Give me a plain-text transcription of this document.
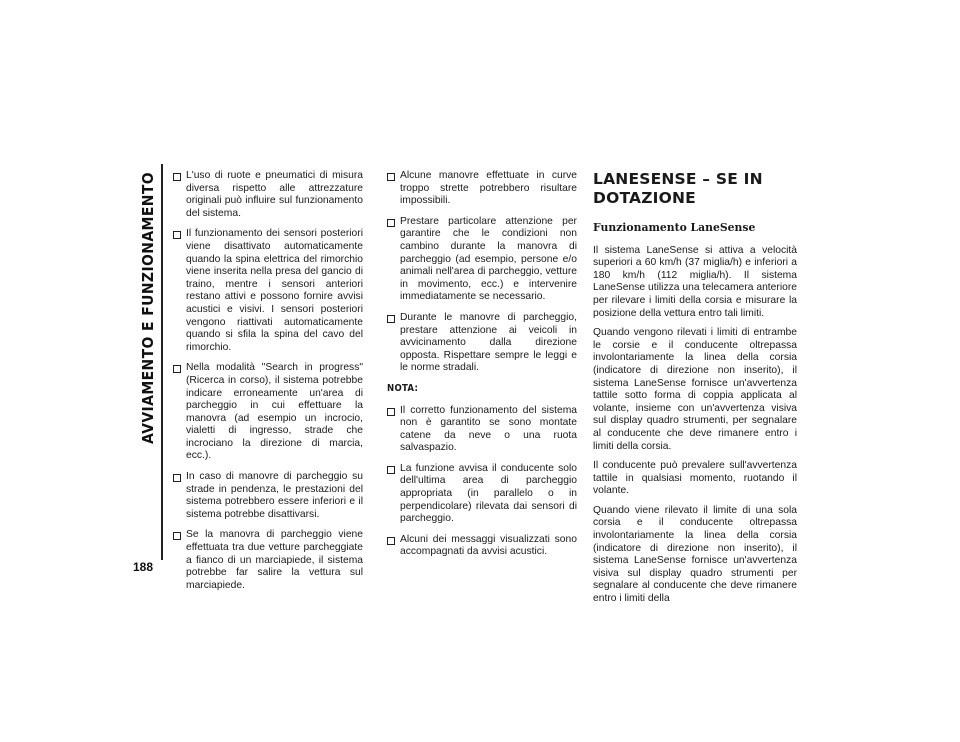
AVVIAMENTO E FUNZIONAMENTO
188
L'uso di ruote e pneumatici di misura diversa rispetto alle attrezzature originali può influire sul funzionamento del sistema.
Il funzionamento dei sensori posteriori viene disattivato automaticamente quando la spina elettrica del rimorchio viene inserita nella presa del gancio di traino, mentre i sensori anteriori restano attivi e possono fornire avvisi acustici e visivi. I sensori posteriori vengono riattivati automaticamente quando si sfila la spina del cavo del rimorchio.
Nella modalità "Search in progress" (Ricerca in corso), il sistema potrebbe indicare erroneamente un'area di parcheggio in cui effettuare la manovra (ad esempio un incrocio, vialetti di ingresso, strade che incrociano la direzione di marcia, ecc.).
In caso di manovre di parcheggio su strade in pendenza, le prestazioni del sistema potrebbero essere inferiori e il sistema potrebbe disattivarsi.
Se la manovra di parcheggio viene effettuata tra due vetture parcheggiate a fianco di un marciapiede, il sistema potrebbe far salire la vettura sul marciapiede.
Alcune manovre effettuate in curve troppo strette potrebbero risultare impossibili.
Prestare particolare attenzione per garantire che le condizioni non cambino durante la manovra di parcheggio (ad esempio, persone e/o animali nell'area di parcheggio, vetture in movimento, ecc.) e intervenire immediatamente se necessario.
Durante le manovre di parcheggio, prestare attenzione ai veicoli in avvicinamento dalla direzione opposta. Rispettare sempre le leggi e le norme stradali.
NOTA:
Il corretto funzionamento del sistema non è garantito se sono montate catene da neve o una ruota salvaspazio.
La funzione avvisa il conducente solo dell'ultima area di parcheggio appropriata (in parallelo o in perpendicolare) rilevata dai sensori di parcheggio.
Alcuni dei messaggi visualizzati sono accompagnati da avvisi acustici.
LANESENSE – SE IN DOTAZIONE
Funzionamento LaneSense

Il sistema LaneSense si attiva a velocità superiori a 60 km/h (37 miglia/h) e inferiori a 180 km/h (112 miglia/h). Il sistema LaneSense utilizza una telecamera anteriore per rilevare i limiti della corsia e misurare la posizione della vettura entro tali limiti.

Quando vengono rilevati i limiti di entrambe le corsie e il conducente oltrepassa involontariamente la linea della corsia (indicatore di direzione non inserito), il sistema LaneSense fornisce un'avvertenza tattile sotto forma di coppia applicata al volante, insieme con un'avvertenza visiva sul display quadro strumenti, per segnalare al conducente che deve rimanere entro i limiti della corsia.

Il conducente può prevalere sull'avvertenza tattile in qualsiasi momento, ruotando il volante.

Quando viene rilevato il limite di una sola corsia e il conducente oltrepassa involontariamente la linea della corsia (indicatore di direzione non inserito), il sistema LaneSense fornisce un'avvertenza visiva sul display quadro strumenti per segnalare al conducente che deve rimanere entro i limiti della
